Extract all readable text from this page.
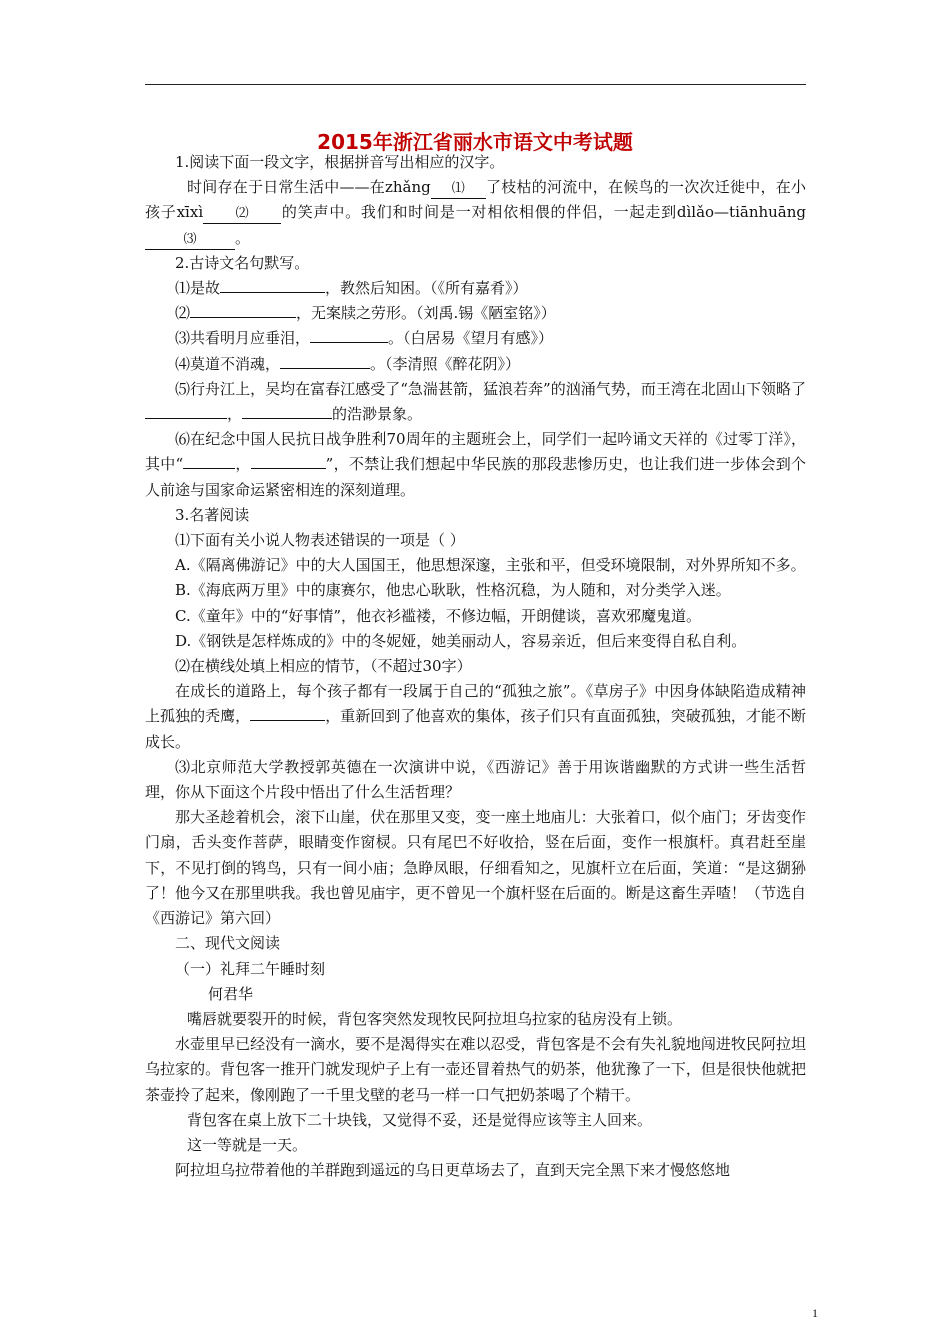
2015年浙江省丽水市语文中考试题

1.阅读下面一段文字，根据拼音写出相应的汉字。

时间存在于日常生活中——在zhǎng ⑴ 了枝枯的河流中，在候鸟的一次次迁徙中，在小孩子xīxì ⑵ 的笑声中。我们和时间是一对相依相偎的伴侣，一起走到dìlǎo—tiānhuāng⑶	。

2.古诗文名句默写。

⑴是故	，教然后知困。（《所有嘉肴》）

⑵	，无案牍之劳形。（刘禹.锡《陋室铭》）

⑶共看明月应垂泪，	。（白居易《望月有感》）

⑷莫道不消魂，	。（李清照《醉花阴》）

⑸行舟江上，吴均在富春江感受了“急湍甚箭，猛浪若奔”的汹涌气势，而王湾在北固山下领略了，	的浩渺景象。

⑹在纪念中国人民抗日战争胜利70周年的主题班会上，同学们一起吟诵文天祥的《过零丁洋》，其中“	，	”，不禁让我们想起中华民族的那段悲惨历史，也让我们进一步体会到个人前途与国家命运紧密相连的深刻道理。

3.名著阅读

⑴下面有关小说人物表述错误的一项是（ ）

A.《隔离佛游记》中的大人国国王，他思想深邃，主张和平，但受环境限制，对外界所知不多。

B.《海底两万里》中的康赛尔，他忠心耿耿，性格沉稳，为人随和，对分类学入迷。

C.《童年》中的“好事情”，他衣衫褴褛，不修边幅，开朗健谈，喜欢邪魔鬼道。

D.《钢铁是怎样炼成的》中的冬妮娅，她美丽动人，容易亲近，但后来变得自私自利。

⑵在横线处填上相应的情节，（不超过30字）

在成长的道路上，每个孩子都有一段属于自己的“孤独之旅”。《草房子》中因身体缺陷造成精神上孤独的秃鹰，	，重新回到了他喜欢的集体，孩子们只有直面孤独，突破孤独，才能不断成长。

⑶北京师范大学教授郭英德在一次演讲中说，《西游记》善于用诙谐幽默的方式讲一些生活哲理，你从下面这个片段中悟出了什么生活哲理？

那大圣趁着机会，滚下山崖，伏在那里又变，变一座土地庙儿：大张着口，似个庙门；牙齿变作门扇，舌头变作菩萨，眼睛变作窗棂。只有尾巴不好收拾，竖在后面，变作一根旗杆。真君赶至崖下，不见打倒的鸨鸟，只有一间小庙；急睁凤眼，仔细看知之，见旗杆立在后面，笑道：“是这猢狲了！他今又在那里哄我。我也曾见庙宇，更不曾见一个旗杆竖在后面的。断是这畜生弄喳！（节选自《西游记》第六回）

二、现代文阅读

（一）礼拜二午睡时刻

何君华

嘴唇就要裂开的时候，背包客突然发现牧民阿拉坦乌拉家的毡房没有上锁。

水壶里早已经没有一滴水，要不是渴得实在难以忍受，背包客是不会有失礼貌地闯进牧民阿拉坦乌拉家的。背包客一推开门就发现炉子上有一壶还冒着热气的奶茶，他犹豫了一下，但是很快他就把茶壶拎了起来，像刚跑了一千里戈壁的老马一样一口气把奶茶喝了个精干。

背包客在桌上放下二十块钱，又觉得不妥，还是觉得应该等主人回来。

这一等就是一天。

阿拉坦乌拉带着他的羊群跑到遥远的乌日更草场去了，直到天完全黑下来才慢悠悠地

1
